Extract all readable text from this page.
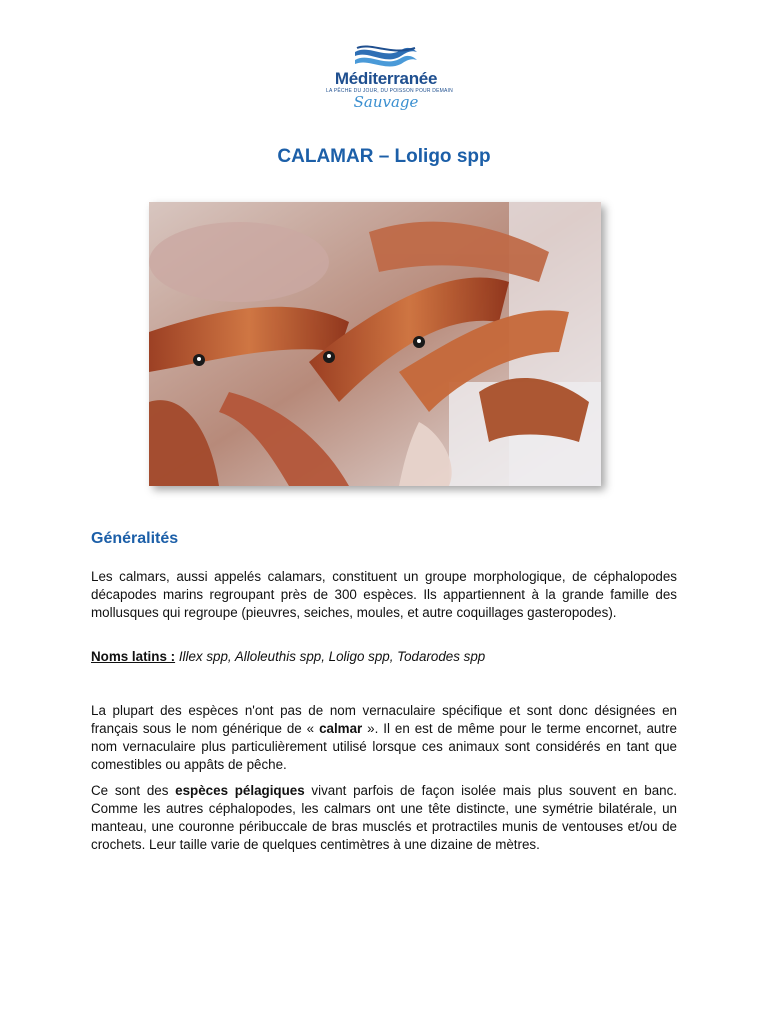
Méditerranée
LA PÊCHE DU JOUR, DU POISSON POUR DEMAIN
Sauvage
CALAMAR – Loligo spp
Généralités

Les calmars, aussi appelés calamars, constituent un groupe morphologique, de céphalopodes décapodes marins regroupant près de 300 espèces. Ils appartiennent à la grande famille des mollusques qui regroupe (pieuvres, seiches, moules, et autre coquillages gasteropodes).

Noms latins : Illex spp, Alloleuthis spp, Loligo spp, Todarodes spp

La plupart des espèces n'ont pas de nom vernaculaire spécifique et sont donc désignées en français sous le nom générique de « calmar ». Il en est de même pour le terme encornet, autre nom vernaculaire plus particulièrement utilisé lorsque ces animaux sont considérés en tant que comestibles ou appâts de pêche.

Ce sont des espèces pélagiques vivant parfois de façon isolée mais plus souvent en banc. Comme les autres céphalopodes, les calmars ont une tête distincte, une symétrie bilatérale, un manteau, une couronne péribuccale de bras musclés et protractiles munis de ventouses et/ou de crochets. Leur taille varie de quelques centimètres à une dizaine de mètres.
